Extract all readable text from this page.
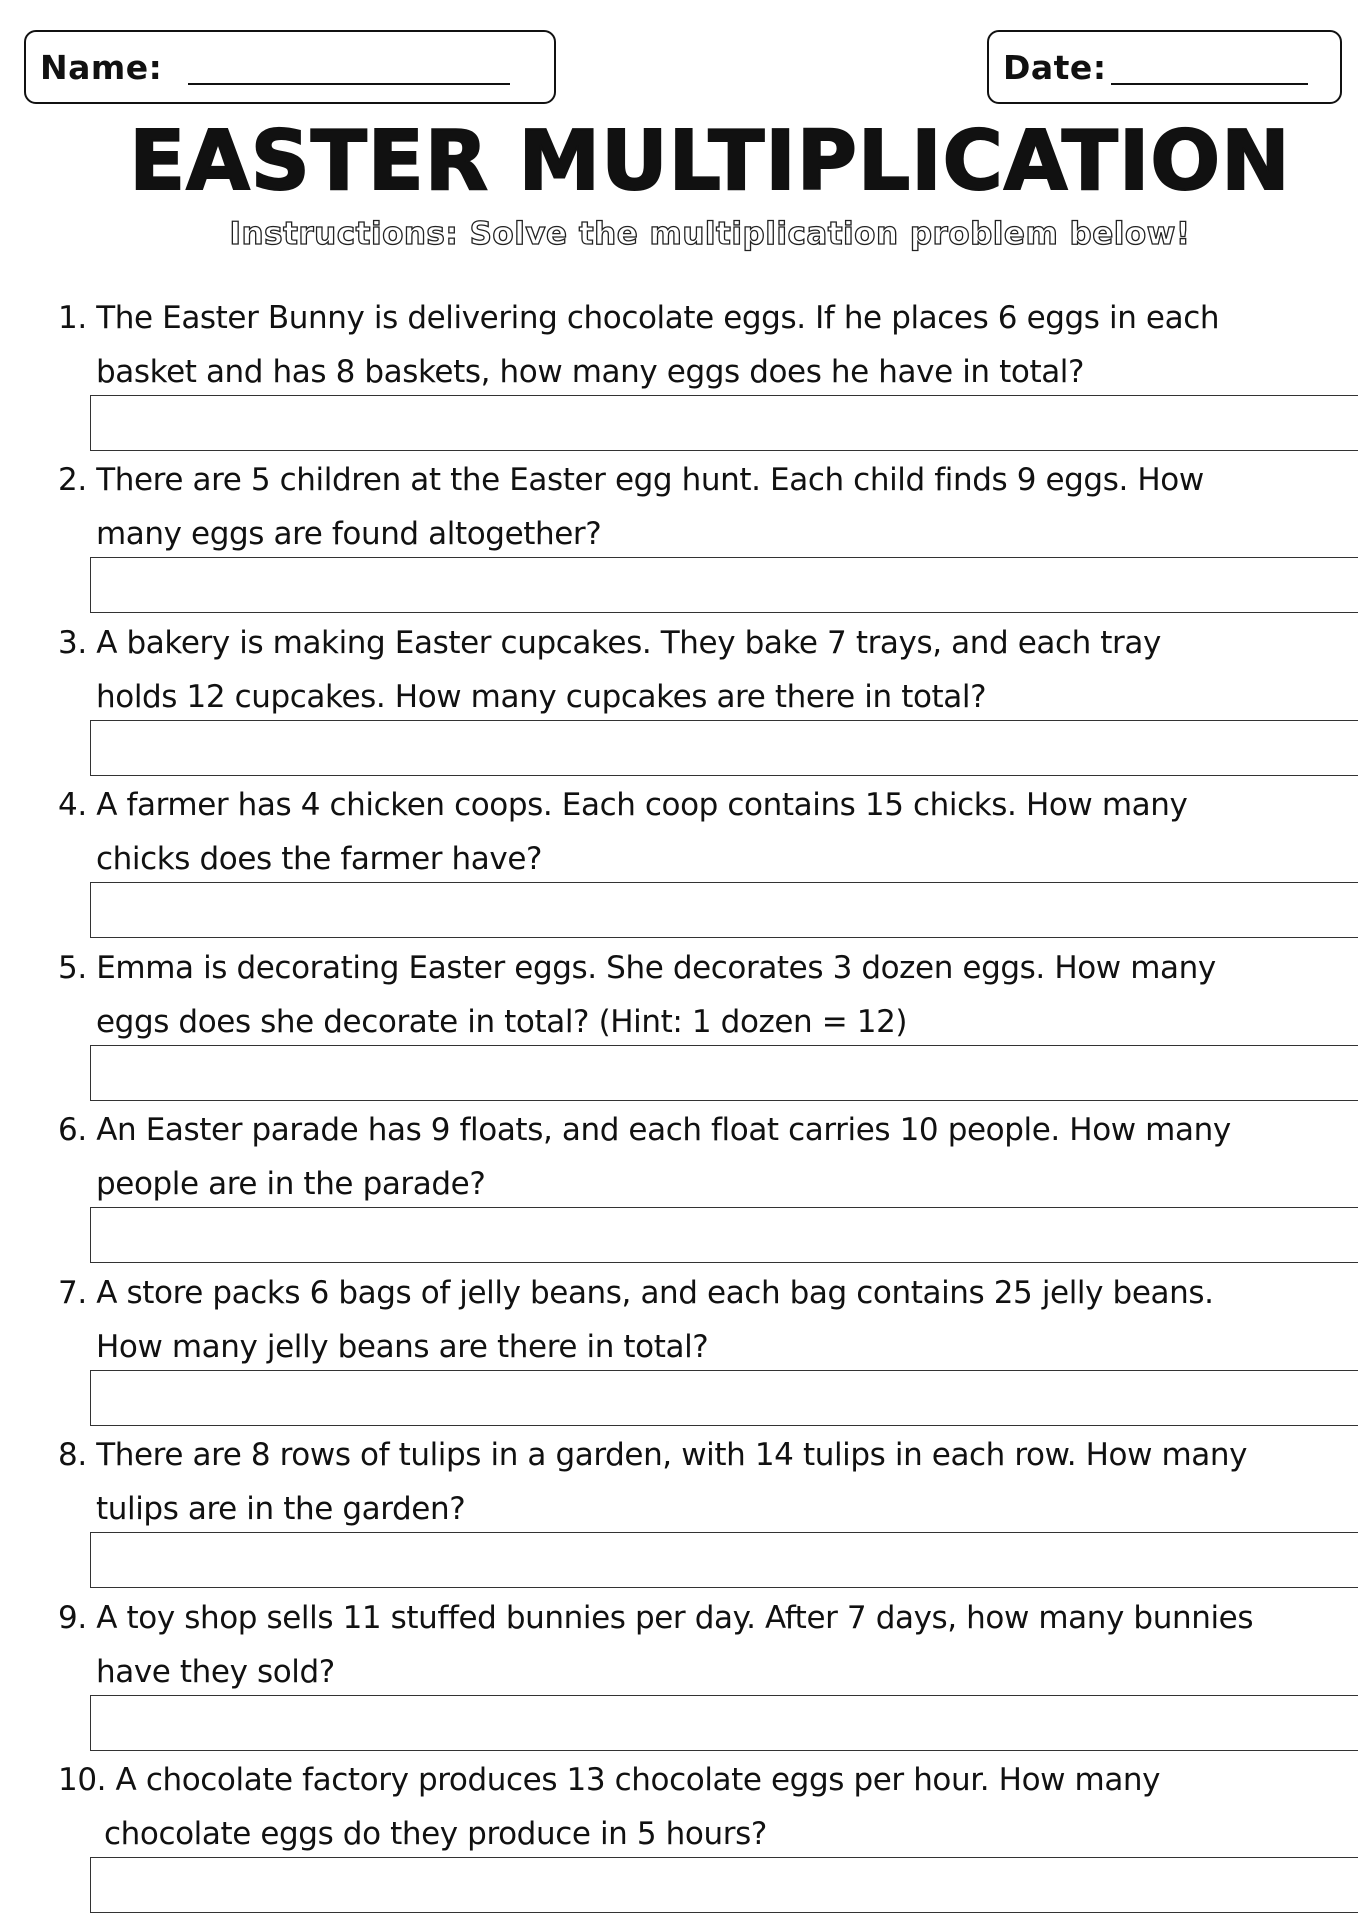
Name:	Date:
EASTER MULTIPLICATION
Instructions: Solve the multiplication problem below!
1. The Easter Bunny is delivering chocolate eggs. If he places 6 eggs in each
basket and has 8 baskets, how many eggs does he have in total?
2. There are 5 children at the Easter egg hunt. Each child finds 9 eggs. How
many eggs are found altogether?
3. A bakery is making Easter cupcakes. They bake 7 trays, and each tray
holds 12 cupcakes. How many cupcakes are there in total?
4. A farmer has 4 chicken coops. Each coop contains 15 chicks. How many
chicks does the farmer have?
5. Emma is decorating Easter eggs. She decorates 3 dozen eggs. How many
eggs does she decorate in total? (Hint: 1 dozen = 12)
6. An Easter parade has 9 floats, and each float carries 10 people. How many
people are in the parade?
7. A store packs 6 bags of jelly beans, and each bag contains 25 jelly beans.
How many jelly beans are there in total?
8. There are 8 rows of tulips in a garden, with 14 tulips in each row. How many
tulips are in the garden?
9. A toy shop sells 11 stuffed bunnies per day. After 7 days, how many bunnies
have they sold?
10. A chocolate factory produces 13 chocolate eggs per hour. How many
chocolate eggs do they produce in 5 hours?
